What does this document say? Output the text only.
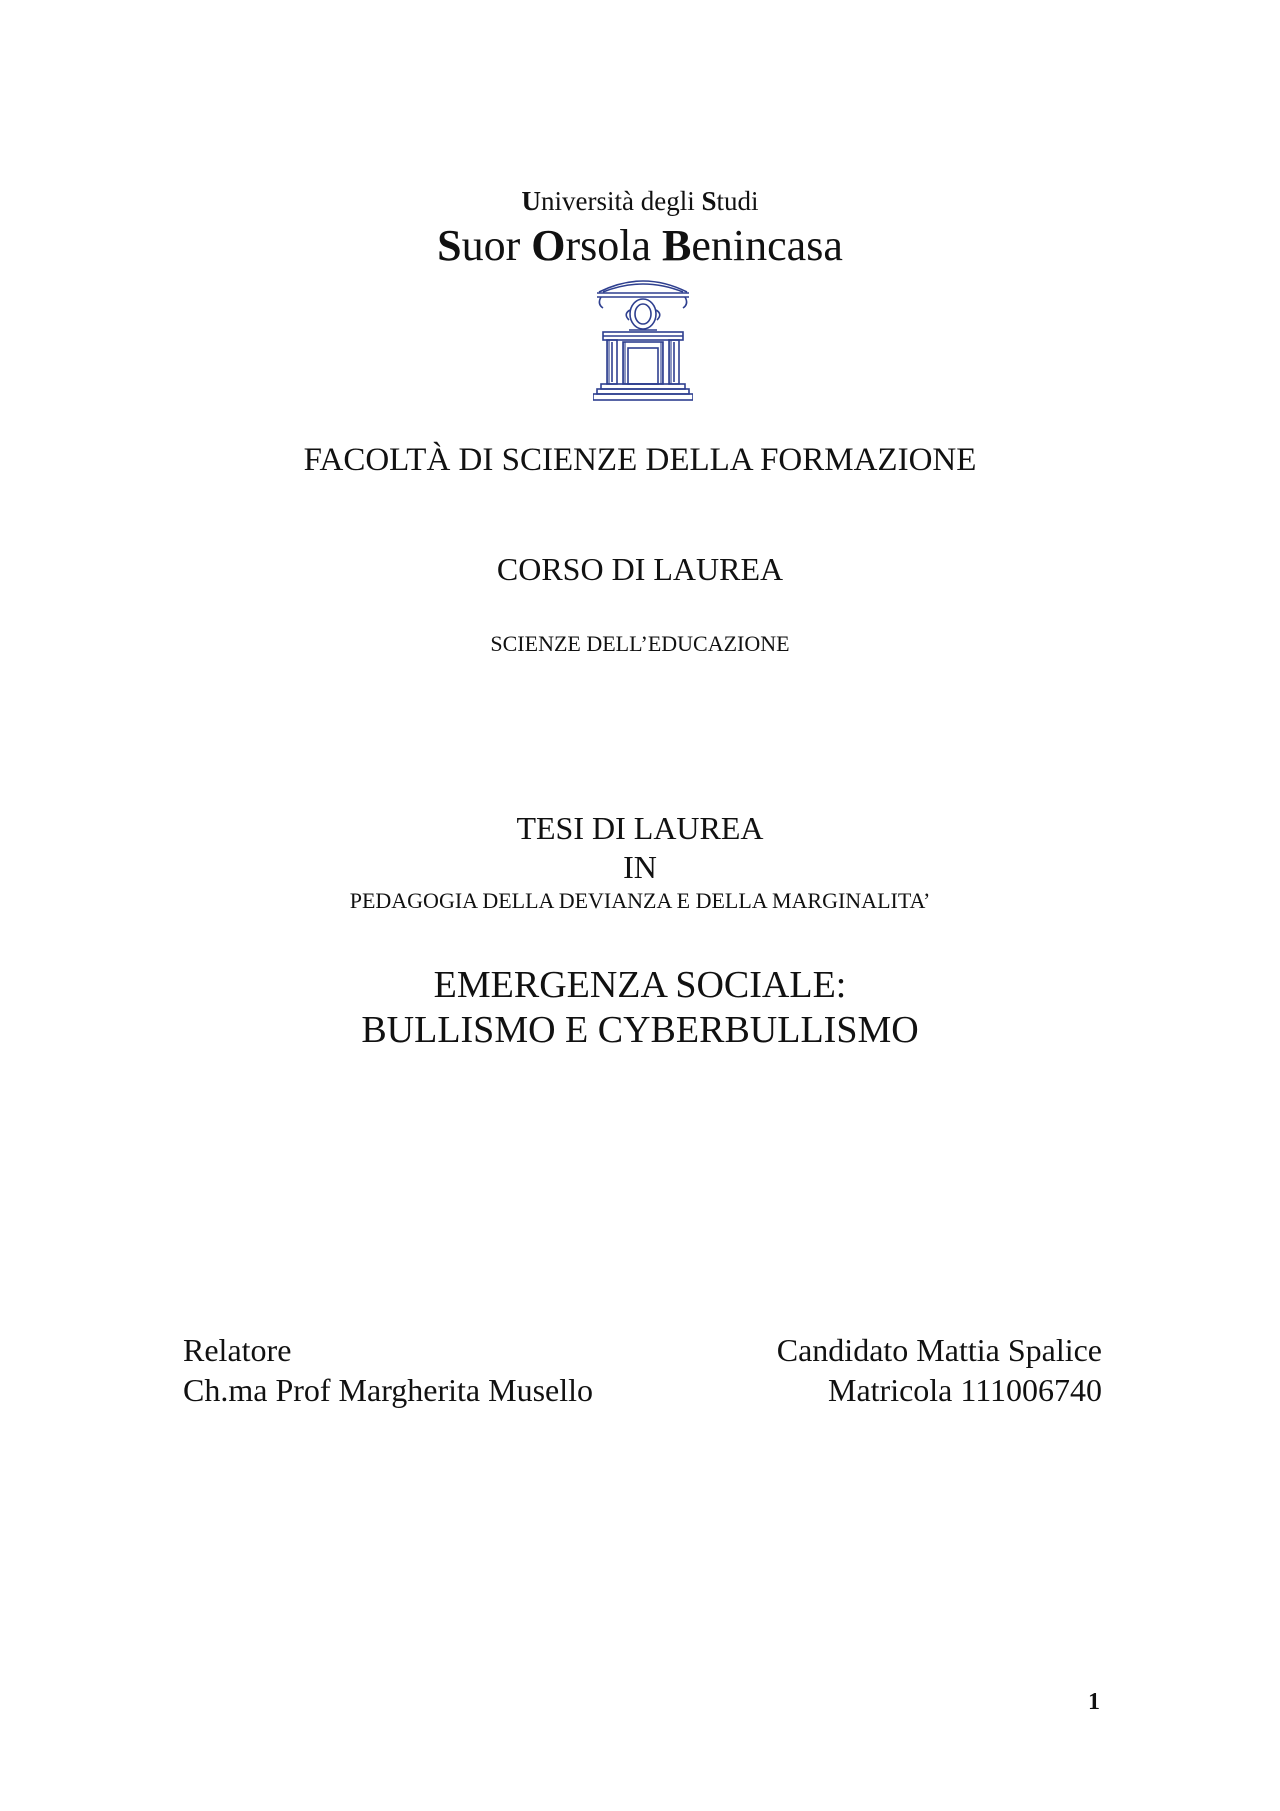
Università degli Studi
Suor Orsola Benincasa
FACOLTÀ DI SCIENZE DELLA FORMAZIONE
CORSO DI LAUREA
SCIENZE DELL’EDUCAZIONE
TESI DI LAUREA
IN
PEDAGOGIA DELLA DEVIANZA E DELLA MARGINALITA’
EMERGENZA SOCIALE:
BULLISMO E CYBERBULLISMO
Relatore
Ch.ma Prof Margherita Musello
Candidato Mattia Spalice
Matricola 111006740
1
